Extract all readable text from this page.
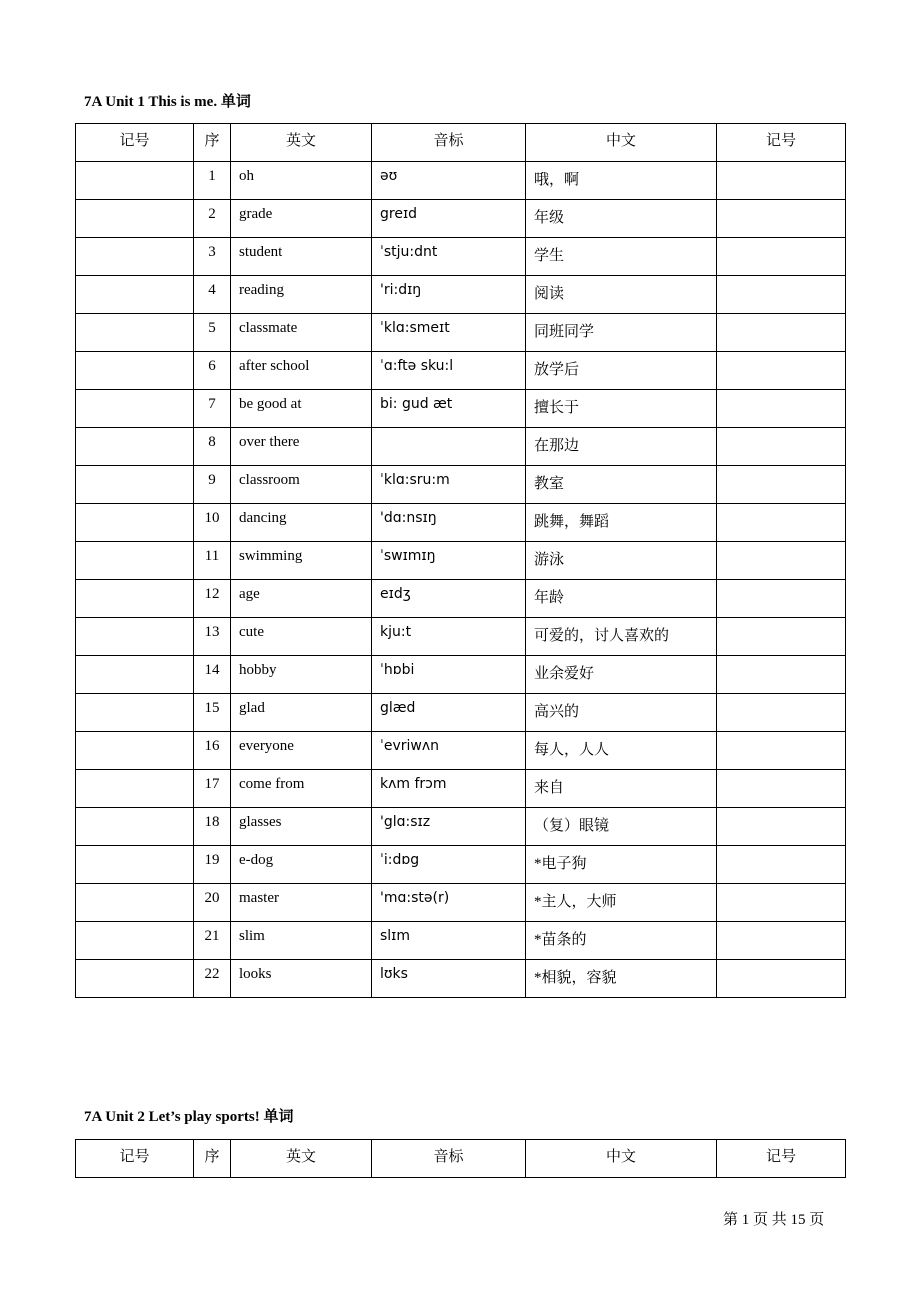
7A Unit 1 This is me. 单词
记号	序	英文	音标	中文	记号
	1	oh	əʊ	哦，啊	
	2	grade	greɪd	年级	
	3	student	ˈstju:dnt	学生	
	4	reading	'ri:dɪŋ	阅读	
	5	classmate	ˈklɑ:smeɪt	同班同学	
	6	after school	ˈɑ:ftə sku:l	放学后	
	7	be good at	bi: gud æt	擅长于	
	8	over there		在那边	
	9	classroom	ˈklɑ:sru:m	教室	
	10	dancing	'dɑ:nsɪŋ	跳舞，舞蹈	
	11	swimming	ˈswɪmɪŋ	游泳	
	12	age	eɪdʒ	年龄	
	13	cute	kju:t	可爱的，讨人喜欢的	
	14	hobby	ˈhɒbi	业余爱好	
	15	glad	glæd	高兴的	
	16	everyone	ˈevriwʌn	每人，人人	
	17	come from	kʌm frɔm	来自	
	18	glasses	'glɑ:sɪz	（复）眼镜	
	19	e-dog	ˈi:dɒg	*电子狗	
	20	master	'mɑ:stə(r)	*主人，大师	
	21	slim	slɪm	*苗条的	
	22	looks	lʊks	*相貌，容貌	
7A Unit 2 Let’s play sports! 单词
记号	序	英文	音标	中文	记号
第 1 页 共 15 页
